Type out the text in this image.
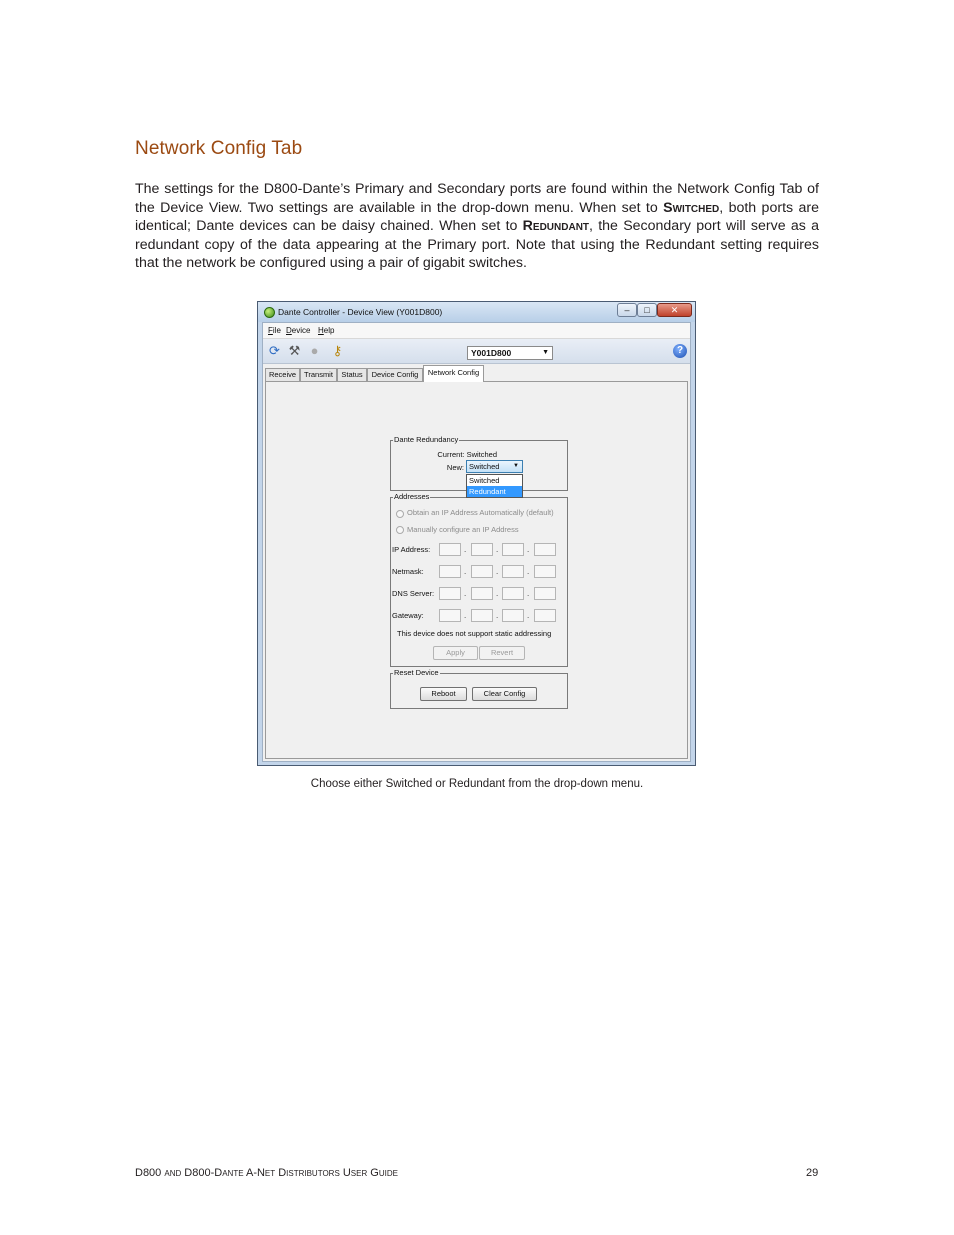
Network Config Tab

The settings for the D800-Dante’s Primary and Secondary ports are found within the Network Config Tab of the Device View. Two settings are available in the drop-down menu. When set to Switched, both ports are identical; Dante devices can be daisy chained. When set to Redundant, the Secondary port will serve as a redundant copy of the data appearing at the Primary port. Note that using the Redundant setting requires that the network be configured using a pair of gigabit switches.

Dante Controller - Device View (Y001D800)	–	□	✕
File Device Help
⟳ ⚒ ● ⚷	Y001D800	▼	?
Receive	Transmit	Status	Device Config	Network Config
Dante Redundancy
Current: Switched
New: Switched ▼
Switched
Redundant
Addresses
Obtain an IP Address Automatically (default)
Manually configure an IP Address
IP Address:	.	.	.
Netmask:	.	.	.
DNS Server:	.	.	.
Gateway:	.	.	.
This device does not support static addressing
Apply	Revert
Reset Device
Reboot	Clear Config
Choose either Switched or Redundant from the drop-down menu.
D800 and D800-Dante A-Net Distributors User Guide	29
